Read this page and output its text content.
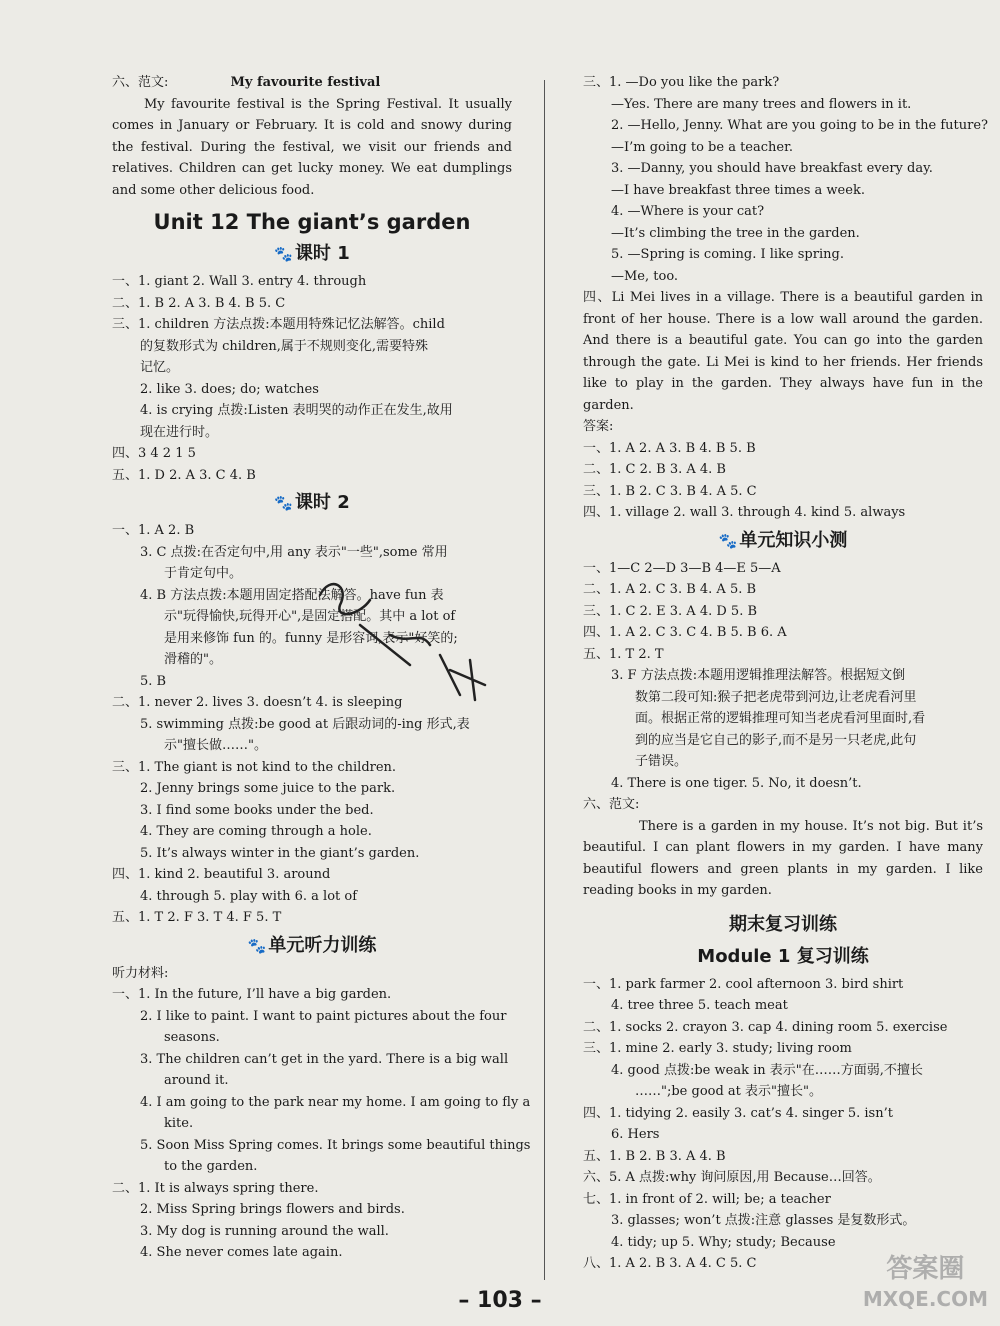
六、范文:	My favourite festival
My favourite festival is the Spring Festival. It usually comes in January or February. It is cold and snowy during the festival. During the festival, we visit our friends and relatives. Children can get lucky money. We eat dumplings and some other delicious food.
Unit 12 The giant’s garden
🐾 课时 1
一、1. giant 2. Wall 3. entry 4. through
二、1. B 2. A 3. B 4. B 5. C
三、1. children 方法点拨:本题用特殊记忆法解答。child
的复数形式为 children,属于不规则变化,需要特殊
记忆。
2. like 3. does; do; watches
4. is crying 点拨:Listen 表明哭的动作正在发生,故用
现在进行时。
四、3 4 2 1 5
五、1. D 2. A 3. C 4. B
🐾 课时 2
一、1. A 2. B
3. C 点拨:在否定句中,用 any 表示"一些",some 常用
于肯定句中。
4. B 方法点拨:本题用固定搭配法解答。have fun 表
示"玩得愉快,玩得开心",是固定搭配。其中 a lot of
是用来修饰 fun 的。funny 是形容词,表示"好笑的;
滑稽的"。
5. B
二、1. never 2. lives 3. doesn’t 4. is sleeping
5. swimming 点拨:be good at 后跟动词的-ing 形式,表
示"擅长做……"。
三、1. The giant is not kind to the children.
2. Jenny brings some juice to the park.
3. I find some books under the bed.
4. They are coming through a hole.
5. It’s always winter in the giant’s garden.
四、1. kind 2. beautiful 3. around
4. through 5. play with 6. a lot of
五、1. T 2. F 3. T 4. F 5. T
🐾 单元听力训练
听力材料:
一、1. In the future, I’ll have a big garden.
2. I like to paint. I want to paint pictures about the four
seasons.
3. The children can’t get in the yard. There is a big wall
around it.
4. I am going to the park near my home. I am going to fly a
kite.
5. Soon Miss Spring comes. It brings some beautiful things
to the garden.
二、1. It is always spring there.
2. Miss Spring brings flowers and birds.
3. My dog is running around the wall.
4. She never comes late again.
三、1. —Do you like the park?
—Yes. There are many trees and flowers in it.
2. —Hello, Jenny. What are you going to be in the future?
—I’m going to be a teacher.
3. —Danny, you should have breakfast every day.
—I have breakfast three times a week.
4. —Where is your cat?
—It’s climbing the tree in the garden.
5. —Spring is coming. I like spring.
—Me, too.
四、Li Mei lives in a village. There is a beautiful garden in front of her house. There is a low wall around the garden. And there is a beautiful gate. You can go into the garden through the gate. Li Mei is kind to her friends. Her friends like to play in the garden. They always have fun in the garden.
答案:
一、1. A 2. A 3. B 4. B 5. B
二、1. C 2. B 3. A 4. B
三、1. B 2. C 3. B 4. A 5. C
四、1. village 2. wall 3. through 4. kind 5. always
🐾 单元知识小测
一、1—C 2—D 3—B 4—E 5—A
二、1. A 2. C 3. B 4. A 5. B
三、1. C 2. E 3. A 4. D 5. B
四、1. A 2. C 3. C 4. B 5. B 6. A
五、1. T 2. T
3. F 方法点拨:本题用逻辑推理法解答。根据短文倒
数第二段可知:猴子把老虎带到河边,让老虎看河里
面。根据正常的逻辑推理可知当老虎看河里面时,看
到的应当是它自己的影子,而不是另一只老虎,此句
子错误。
4. There is one tiger. 5. No, it doesn’t.
六、范文:
There is a garden in my house. It’s not big. But it’s beautiful. I can plant flowers in my garden. I have many beautiful flowers and green plants in my garden. I like reading books in my garden.
期末复习训练
Module 1 复习训练
一、1. park farmer 2. cool afternoon 3. bird shirt
4. tree three 5. teach meat
二、1. socks 2. crayon 3. cap 4. dining room 5. exercise
三、1. mine 2. early 3. study; living room
4. good 点拨:be weak in 表示"在……方面弱,不擅长
……";be good at 表示"擅长"。
四、1. tidying 2. easily 3. cat’s 4. singer 5. isn’t
6. Hers
五、1. B 2. B 3. A 4. B
六、5. A 点拨:why 询问原因,用 Because…回答。
七、1. in front of 2. will; be; a teacher
3. glasses; won’t 点拨:注意 glasses 是复数形式。
4. tidy; up 5. Why; study; Because
八、1. A 2. B 3. A 4. C 5. C
– 103 –
答案圈
MXQE.COM
